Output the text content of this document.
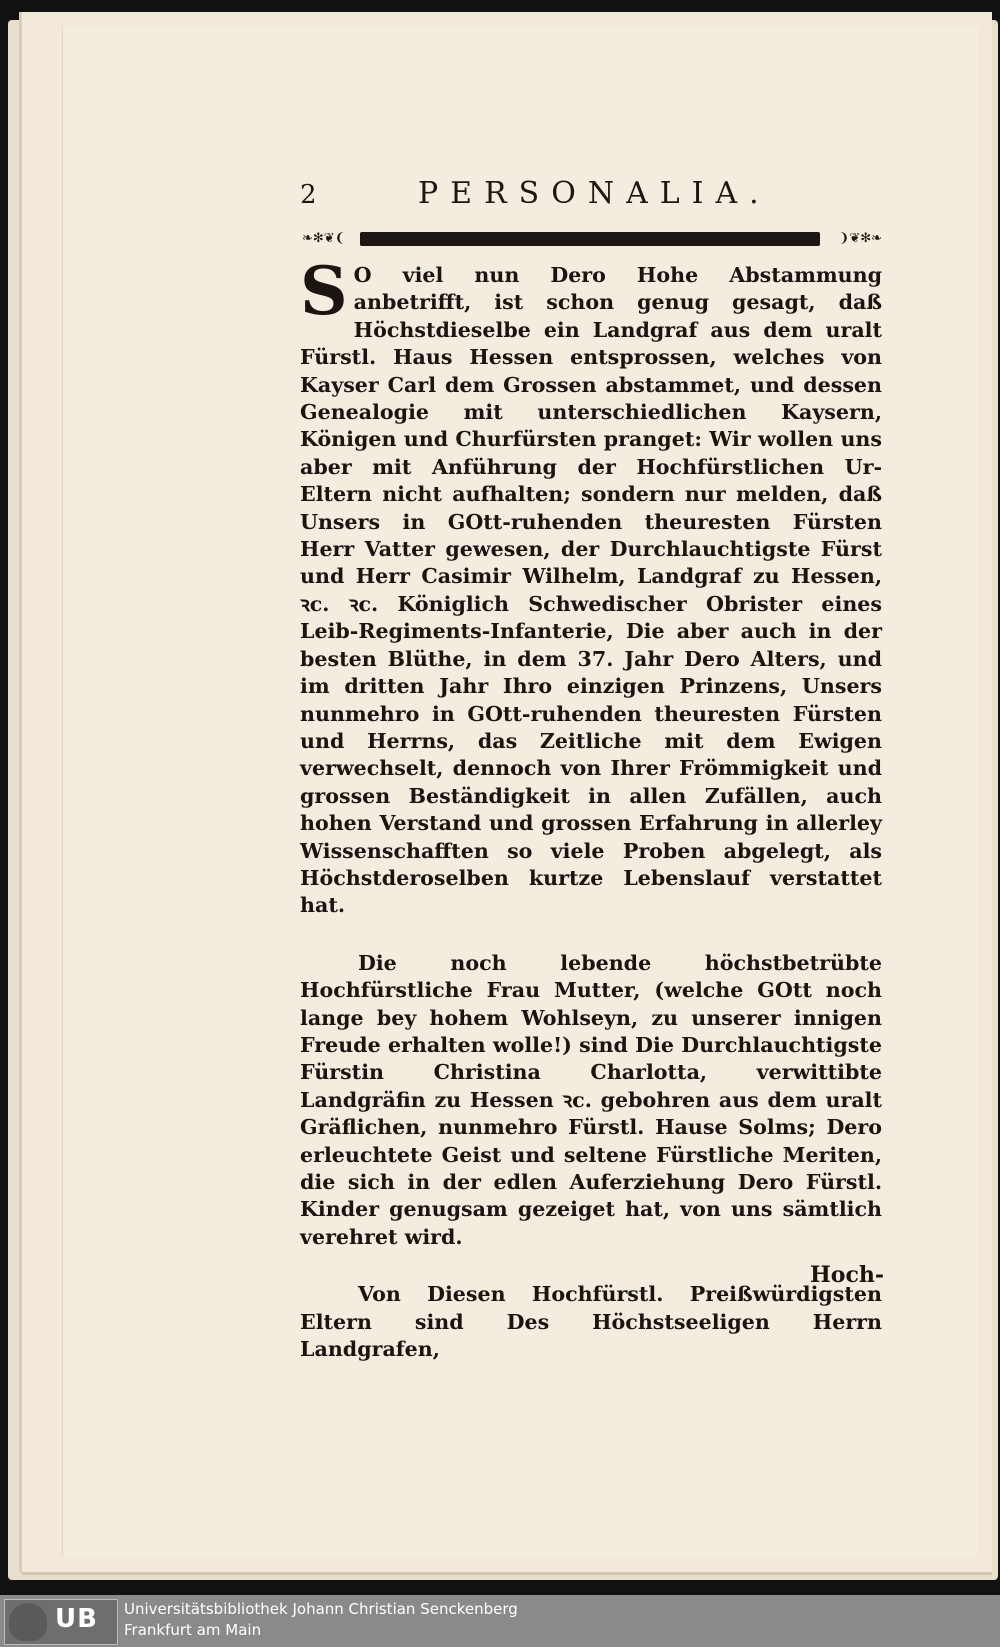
2	PERSONALIA.
❧✻❦❨	❩❦✻❧

S O viel nun Dero Hohe Abstammung anbetrifft, ist schon genug gesagt, daß Höchstdieselbe ein Landgraf aus dem uralt Fürstl. Haus Hessen entsprossen, welches von Kayser Carl dem Grossen abstammet, und dessen Genealogie mit unterschiedlichen Kaysern, Königen und Churfürsten pranget: Wir wollen uns aber mit Anführung der Hochfürstlichen Ur-Eltern nicht aufhalten; sondern nur melden, daß Unsers in GOtt-ruhenden theuresten Fürsten Herr Vatter gewesen, der Durchlauchtigste Fürst und Herr Casimir Wilhelm, Landgraf zu Hessen, ꝛc. ꝛc. Königlich Schwedischer Obrister eines Leib-Regiments-Infanterie, Die aber auch in der besten Blüthe, in dem 37. Jahr Dero Alters, und im dritten Jahr Ihro einzigen Prinzens, Unsers nunmehro in GOtt-ruhenden theuresten Fürsten und Herrns, das Zeitliche mit dem Ewigen verwechselt, dennoch von Ihrer Frömmigkeit und grossen Beständigkeit in allen Zufällen, auch hohen Verstand und grossen Erfahrung in allerley Wissenschafften so viele Proben abgelegt, als Höchstderoselben kurtze Lebenslauf verstattet hat.

Die noch lebende höchstbetrübte Hochfürstliche Frau Mutter, (welche GOtt noch lange bey hohem Wohlseyn, zu unserer innigen Freude erhalten wolle!) sind Die Durchlauchtigste Fürstin Christina Charlotta, verwittibte Landgräfin zu Hessen ꝛc. gebohren aus dem uralt Gräflichen, nunmehro Fürstl. Hause Solms; Dero erleuchtete Geist und seltene Fürstliche Meriten, die sich in der edlen Auferziehung Dero Fürstl. Kinder genugsam gezeiget hat, von uns sämtlich verehret wird.

Von Diesen Hochfürstl. Preißwürdigsten Eltern sind Des Höchstseeligen Herrn Landgrafen,

Hoch-
UB Universitätsbibliothek Johann Christian Senckenberg
Frankfurt am Main
